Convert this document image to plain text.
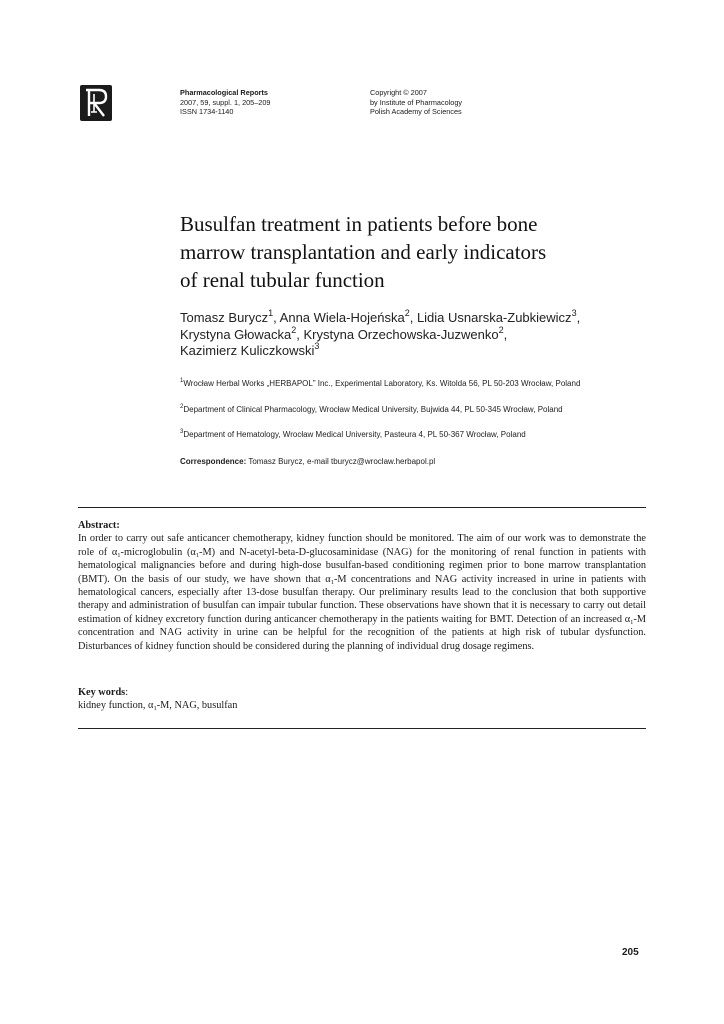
Pharmacological Reports
2007, 59, suppl. 1, 205–209
ISSN 1734-1140
Copyright © 2007
by Institute of Pharmacology
Polish Academy of Sciences
Busulfan treatment in patients before bone
marrow transplantation and early indicators
of renal tubular function
Tomasz Burycz$^1$, Anna Wiela-Hojeńska$^2$, Lidia Usnarska-Zubkiewicz$^3$,
Krystyna Głowacka$^2$, Krystyna Orzechowska-Juzwenko$^2$,
Kazimierz Kuliczkowski$^3$
$^1$Wrocław Herbal Works „HERBAPOL” Inc., Experimental Laboratory, Ks. Witolda 56, PL 50-203 Wrocław, Poland
$^2$Department of Clinical Pharmacology, Wrocław Medical University, Bujwida 44, PL 50-345 Wrocław, Poland
$^3$Department of Hematology, Wrocław Medical University, Pasteura 4, PL 50-367 Wrocław, Poland
Correspondence: Tomasz Burycz, e-mail tburycz@wroclaw.herbapol.pl
Abstract:
In order to carry out safe anticancer chemotherapy, kidney function should be monitored. The aim of our work was to demonstrate the role of $\alpha_1$-microglobulin $(\alpha_1-M)$ and N-acetyl-beta-D-glucosaminidase (NAG) for the monitoring of renal function in patients with hematological malignancies before and during high-dose busulfan-based conditioning regimen prior to bone marrow transplantation (BMT). On the basis of our study, we have shown that $\alpha_1-M$ concentrations and NAG activity increased in urine in patients with hematological cancers, especially after 13-dose busulfan therapy. Our preliminary results lead to the conclusion that both supportive therapy and administration of busulfan can impair tubular function. These observations have shown that it is necessary to carry out detail estimation of kidney excretory function during anticancer chemotherapy in the patients waiting for BMT. Detection of an increased $\alpha_1-M$ concentration and NAG activity in urine can be helpful for the recognition of the patients at high risk of tubular dysfunction. Disturbances of kidney function should be considered during the planning of individual drug dosage regimens.
Key words:
kidney function, $\alpha_1-M$, NAG, busulfan
205
